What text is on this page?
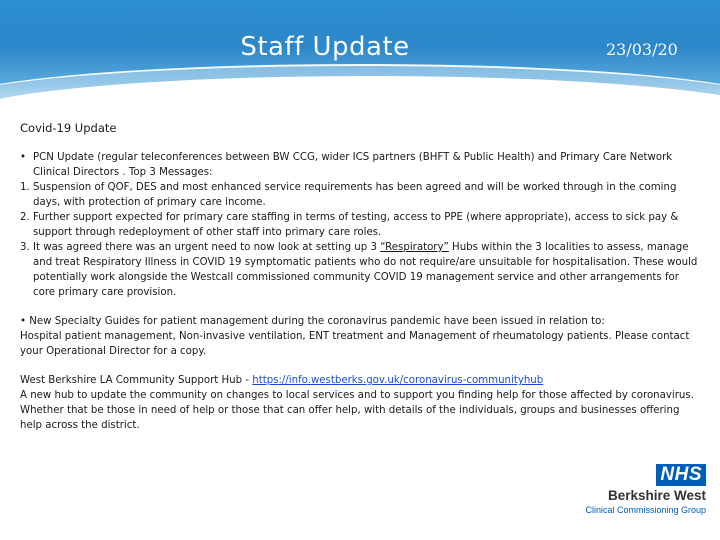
Staff Update	23/03/20
Covid-19 Update
• PCN Update (regular teleconferences between BW CCG, wider ICS partners (BHFT & Public Health) and Primary Care Network Clinical Directors . Top 3 Messages:
1. Suspension of QOF, DES and most enhanced service requirements has been agreed and will be worked through in the coming days, with protection of primary care income.
2. Further support expected for primary care staffing in terms of testing, access to PPE (where appropriate), access to sick pay & support through redeployment of other staff into primary care roles.
3. It was agreed there was an urgent need to now look at setting up 3 “Respiratory” Hubs within the 3 localities to assess, manage and treat Respiratory Illness in COVID 19 symptomatic patients who do not require/are unsuitable for hospitalisation. These would potentially work alongside the Westcall commissioned community COVID 19 management service and other arrangements for core primary care provision.
• New Specialty Guides for patient management during the coronavirus pandemic have been issued in relation to:
Hospital patient management, Non-invasive ventilation, ENT treatment and Management of rheumatology patients. Please contact your Operational Director for a copy.
West Berkshire LA Community Support Hub - https://info.westberks.gov.uk/coronavirus-communityhub
A new hub to update the community on changes to local services and to support you finding help for those affected by coronavirus. Whether that be those in need of help or those that can offer help, with details of the individuals, groups and businesses offering help across the district.
NHS
Berkshire West
Clinical Commissioning Group
